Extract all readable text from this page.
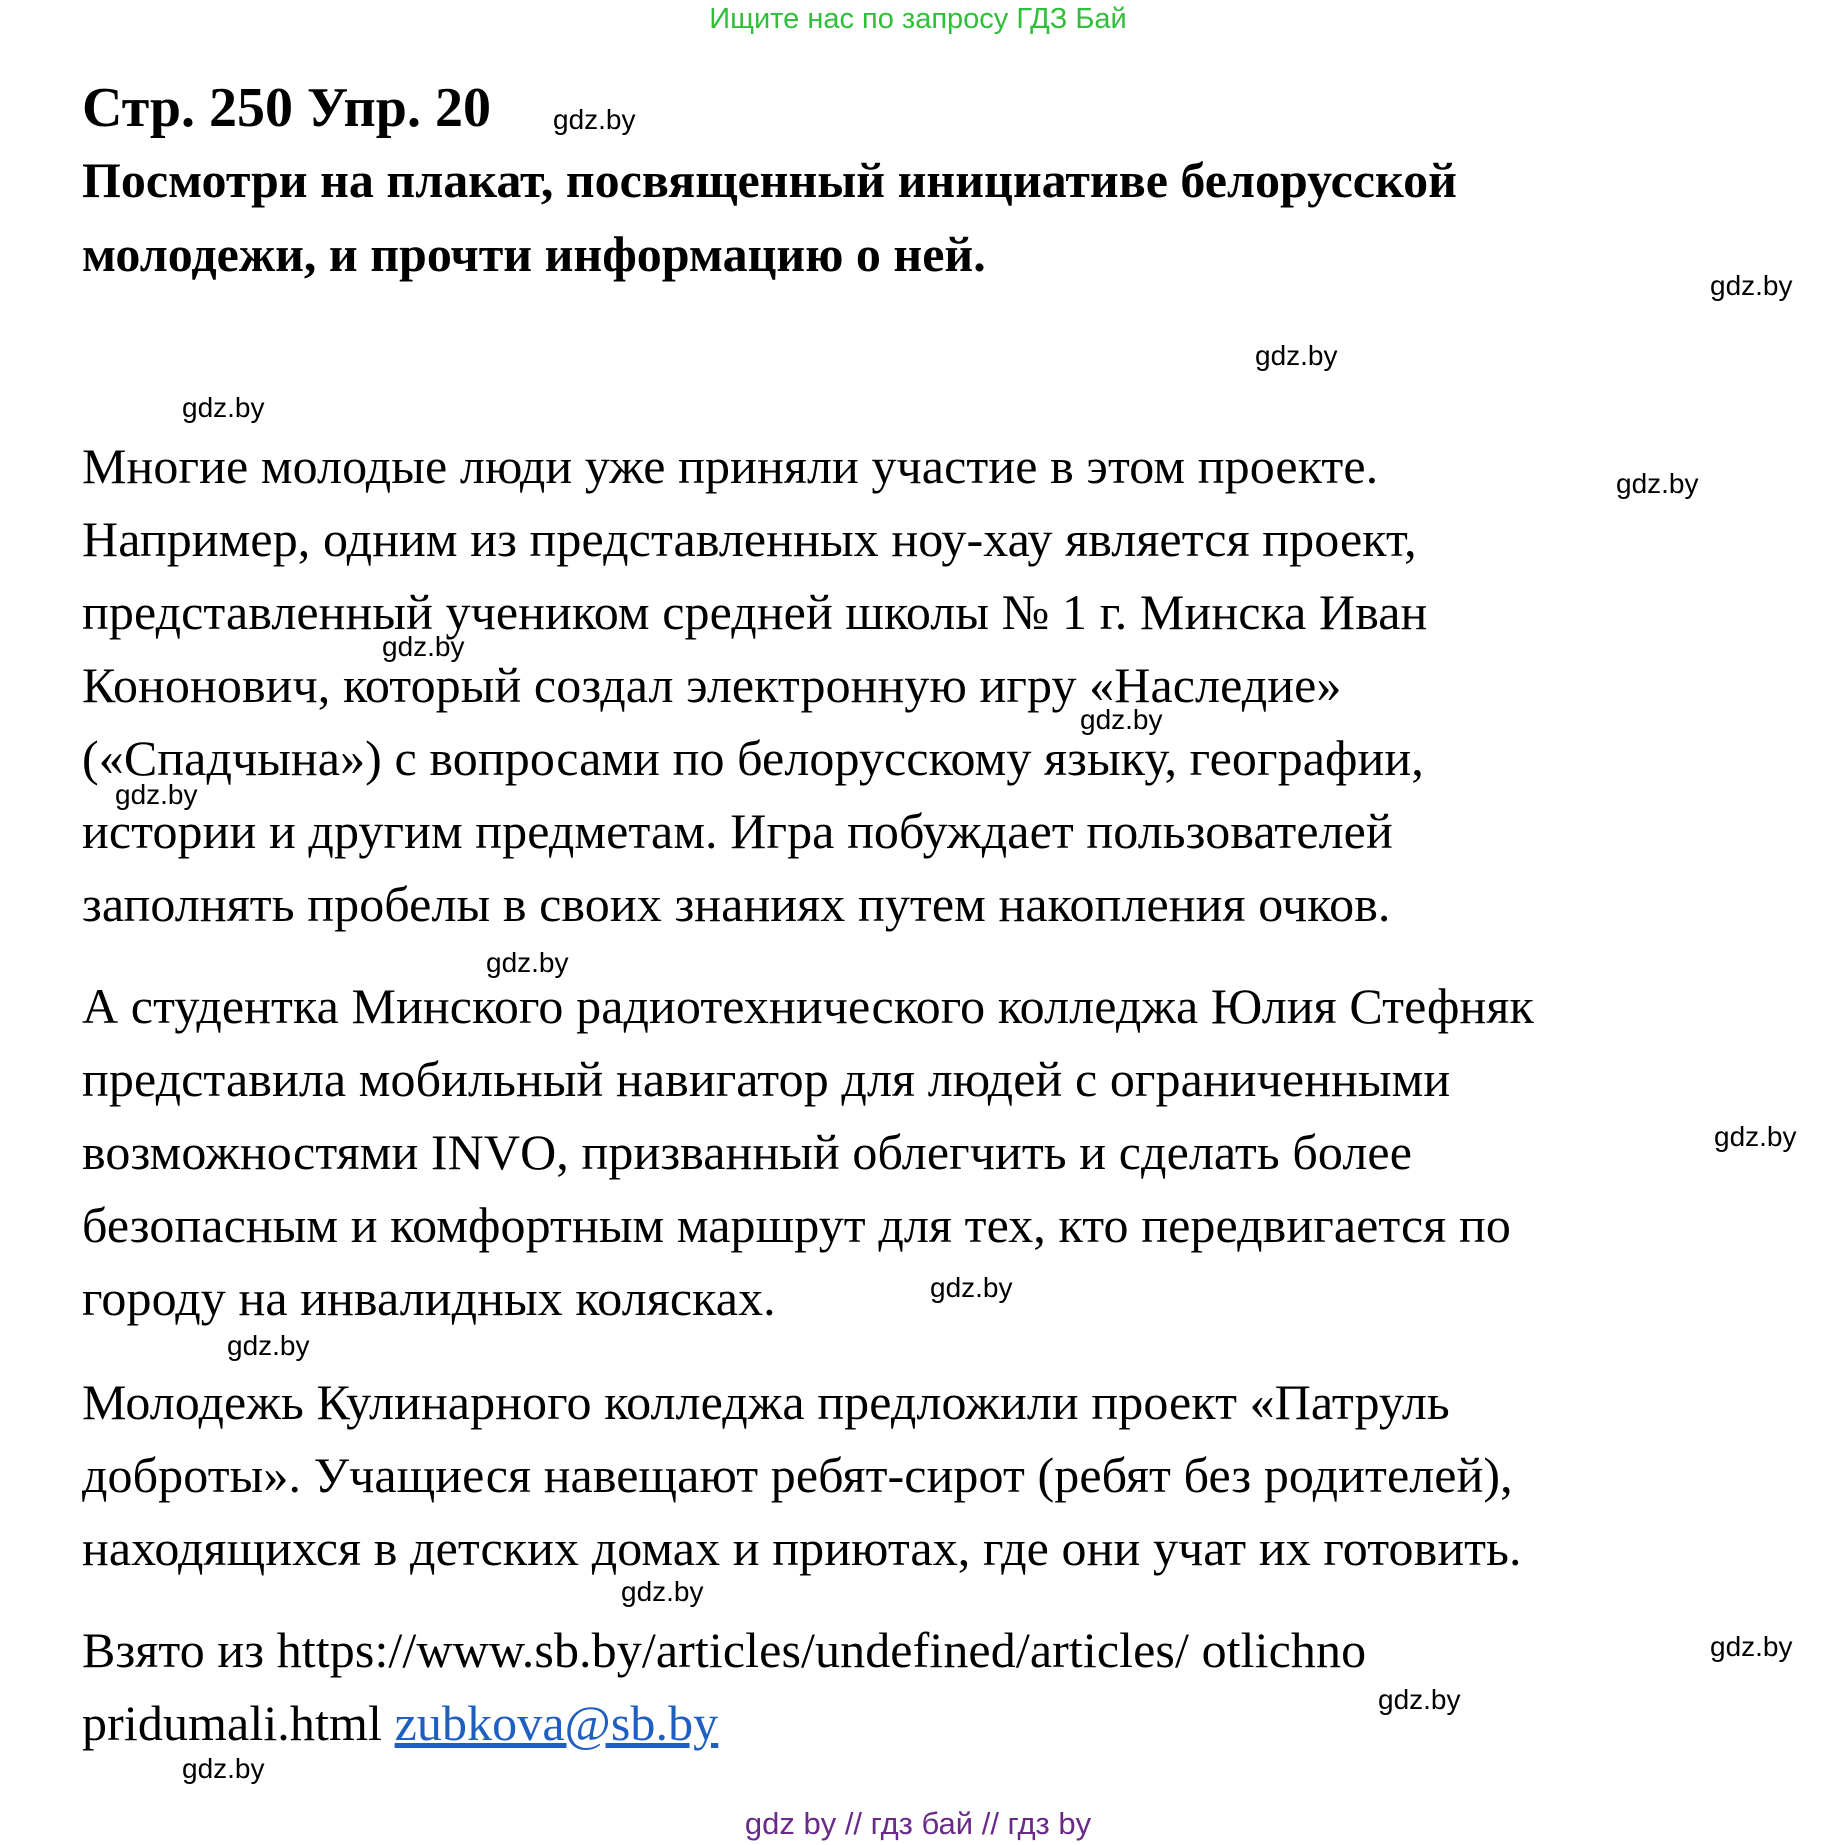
Ищите нас по запросу ГДЗ Бай
Стр. 250 Упр. 20
Посмотри на плакат, посвященный инициативе белорусской
молодежи, и прочти информацию о ней.
Многие молодые люди уже приняли участие в этом проекте.
Например, одним из представленных ноу-хау является проект,
представленный учеником средней школы № 1 г. Минска Иван
Кононович, который создал электронную игру «Наследие»
(«Спадчына») с вопросами по белорусскому языку, географии,
истории и другим предметам. Игра побуждает пользователей
заполнять пробелы в своих знаниях путем накопления очков.
А студентка Минского радиотехнического колледжа Юлия Стефняк
представила мобильный навигатор для людей с ограниченными
возможностями INVO, призванный облегчить и сделать более
безопасным и комфортным маршрут для тех, кто передвигается по
городу на инвалидных колясках.
Молодежь Кулинарного колледжа предложили проект «Патруль
доброты». Учащиеся навещают ребят-сирот (ребят без родителей),
находящихся в детских домах и приютах, где они учат их готовить.
Взято из https://www.sb.by/articles/undefined/articles/ otlichno
pridumali.html zubkova@sb.by
gdz.by
gdz.by
gdz.by
gdz.by
gdz.by
gdz.by
gdz.by
gdz.by
gdz.by
gdz.by
gdz.by
gdz.by
gdz.by
gdz.by
gdz.by
gdz.by
gdz by // гдз бай // гдз by
